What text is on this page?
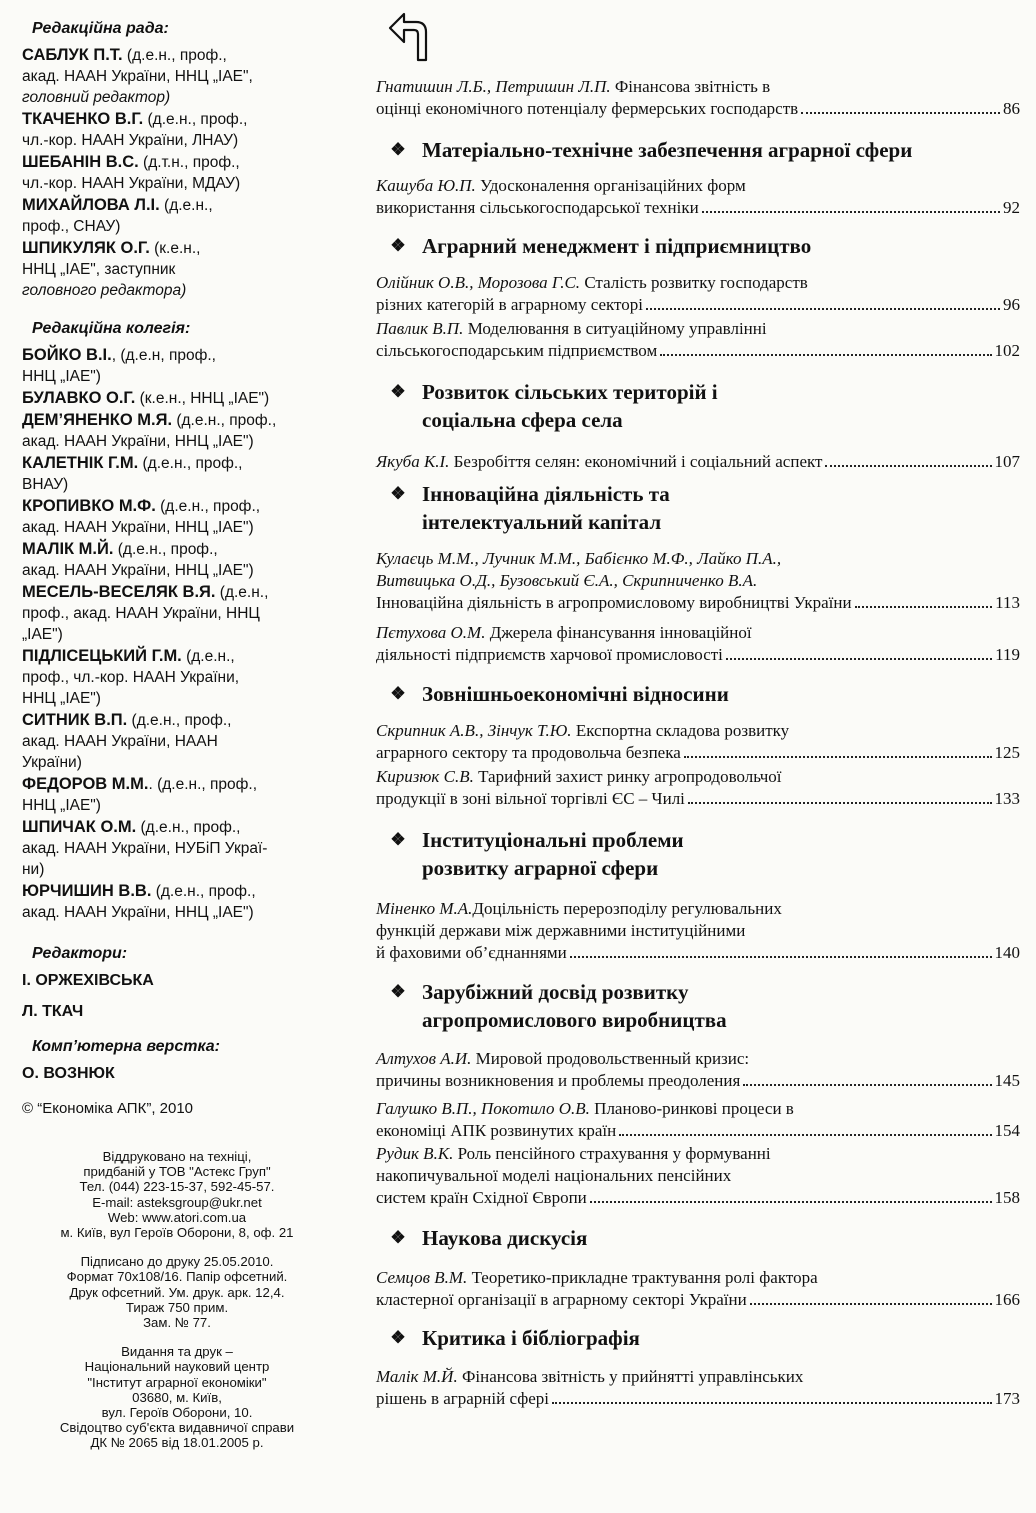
Редакційна рада:
САБЛУК П.Т. (д.е.н., проф.,
акад. НААН України, ННЦ „ІАЕ",
головний редактор)
ТКАЧЕНКО В.Г. (д.е.н., проф.,
чл.-кор. НААН України, ЛНАУ)
ШЕБАНІН В.С. (д.т.н., проф.,
чл.-кор. НААН України, МДАУ)
МИХАЙЛОВА Л.І. (д.е.н.,
проф., СНАУ)
ШПИКУЛЯК О.Г. (к.е.н.,
ННЦ „ІАЕ", заступник
головного редактора)
Редакційна колегія:
БОЙКО В.І., (д.е.н, проф.,
ННЦ „ІАЕ")
БУЛАВКО О.Г. (к.е.н., ННЦ „ІАЕ")
ДЕМ’ЯНЕНКО М.Я. (д.е.н., проф.,
акад. НААН України, ННЦ „ІАЕ")
КАЛЕТНІК Г.М. (д.е.н., проф.,
ВНАУ)
КРОПИВКО М.Ф. (д.е.н., проф.,
акад. НААН України, ННЦ „ІАЕ")
МАЛІК М.Й. (д.е.н., проф.,
акад. НААН України, ННЦ „ІАЕ")
МЕСЕЛЬ-ВЕСЕЛЯК В.Я. (д.е.н.,
проф., акад. НААН України, ННЦ
„ІАЕ")
ПІДЛІСЕЦЬКИЙ Г.М. (д.е.н.,
проф., чл.-кор. НААН України,
ННЦ „ІАЕ")
СИТНИК В.П. (д.е.н., проф.,
акад. НААН України, НААН
України)
ФЕДОРОВ М.М.. (д.е.н., проф.,
ННЦ „ІАЕ")
ШПИЧАК О.М. (д.е.н., проф.,
акад. НААН України, НУБіП Украї-
ни)
ЮРЧИШИН В.В. (д.е.н., проф.,
акад. НААН України, ННЦ „ІАЕ")
Редактори:
І. ОРЖЕХІВСЬКА
Л. ТКАЧ
Комп’ютерна верстка:
О. ВОЗНЮК
© “Економіка АПК”, 2010
Віддруковано на техніці,
придбаній у ТОВ "Астекс Груп"
Тел. (044) 223-15-37, 592-45-57.
E-mail: asteksgroup@ukr.net
Web: www.atori.com.ua
м. Київ, вул Героїв Оборони, 8, оф. 21
Підписано до друку 25.05.2010.
Формат 70х108/16. Папір офсетний.
Друк офсетний. Ум. друк. арк. 12,4.
Тираж 750 прим.
Зам. № 77.
Видання та друк –
Національний науковий центр
"Інститут аграрної економіки"
03680, м. Київ,
вул. Героїв Оборони, 10.
Свідоцтво суб'єкта видавничої справи
ДК № 2065 від 18.01.2005 р.
Гнатишин Л.Б., Петришин Л.П. Фінансова звітність в
оцінці економічного потенціалу фермерських господарств	86
❖ Матеріально-технічне забезпечення аграрної сфери
Кашуба Ю.П. Удосконалення організаційних форм
використання сільськогосподарської техніки	92
❖ Аграрний менеджмент і підприємництво
Олійник О.В., Морозова Г.С. Сталість розвитку господарств
різних категорій в аграрному секторі	96
Павлик В.П. Моделювання в ситуаційному управлінні
сільськогосподарським підприємством	102
❖ Розвиток сільських територій і
соціальна сфера села
Якуба К.І. Безробіття селян: економічний і соціальний аспект	107
❖ Інноваційна діяльність та
інтелектуальний капітал
Кулаєць М.М., Лучник М.М., Бабієнко М.Ф., Лайко П.А.,
Витвицька О.Д., Бузовський Є.А., Скрипниченко В.А.
Інноваційна діяльність в агропромисловому виробництві України	113
Пєтухова О.М. Джерела фінансування інноваційної
діяльності підприємств харчової промисловості	119
❖ Зовнішньоекономічні відносини
Скрипник А.В., Зінчук Т.Ю. Експортна складова розвитку
аграрного сектору та продовольча безпека	125
Киризюк С.В. Тарифний захист ринку агропродовольчої
продукції в зоні вільної торгівлі ЄС – Чилі	133
❖ Інституціональні проблеми
розвитку аграрної сфери
Міненко М.А.Доцільність перерозподілу регулювальних
функцій держави між державними інституційними
й фаховими об’єднаннями	140
❖ Зарубіжний досвід розвитку
агропромислового виробництва
Алтухов А.И. Мировой продовольственный кризис:
причины возникновения и проблемы преодоления	145
Галушко В.П., Покотило О.В. Планово-ринкові процеси в
економіці АПК розвинутих країн	154
Рудик В.К. Роль пенсійного страхування у формуванні
накопичувальної моделі національних пенсійних
систем країн Східної Європи	158
❖ Наукова дискусія
Семцов В.М. Теоретико-прикладне трактування ролі фактора
кластерної організації в аграрному секторі України	166
❖ Критика і бібліографія
Малік М.Й. Фінансова звітність у прийнятті управлінських
рішень в аграрній сфері	173
